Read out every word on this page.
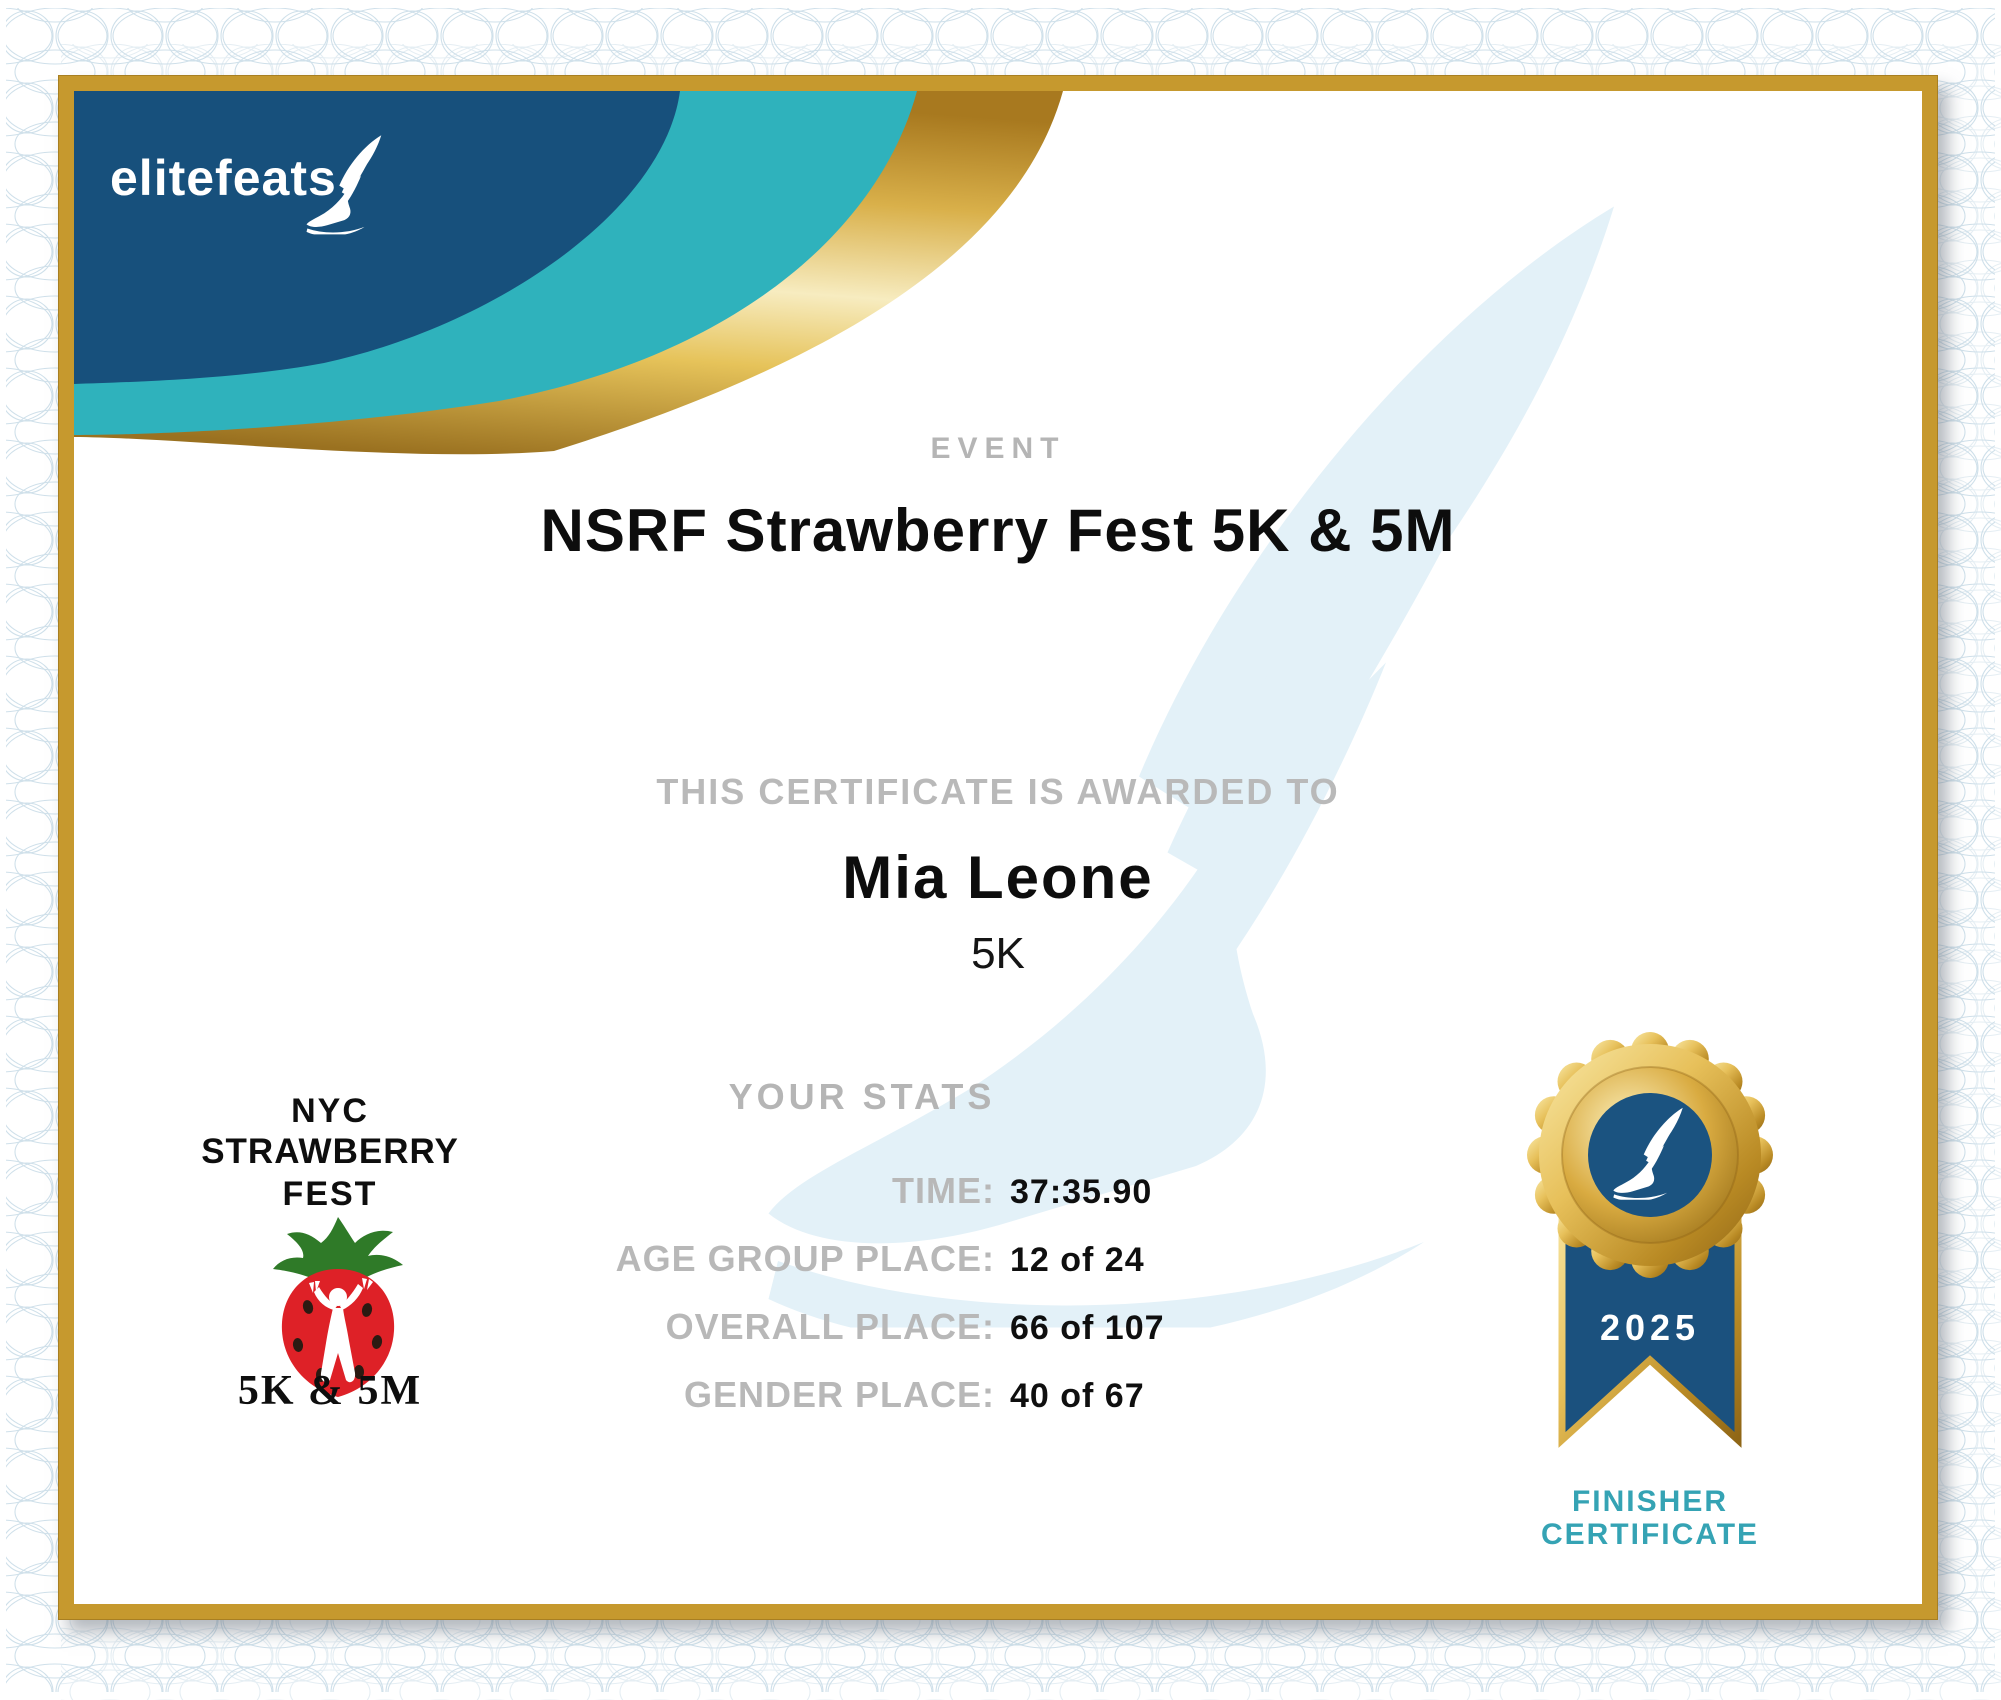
elitefeats
EVENT
NSRF Strawberry Fest 5K & 5M
THIS CERTIFICATE IS AWARDED TO
Mia Leone
5K
YOUR STATS
TIME: 37:35.90
AGE GROUP PLACE: 12 of 24
OVERALL PLACE: 66 of 107
GENDER PLACE: 40 of 67
NYC
STRAWBERRY
FEST
5K & 5M
2025
FINISHER
CERTIFICATE
